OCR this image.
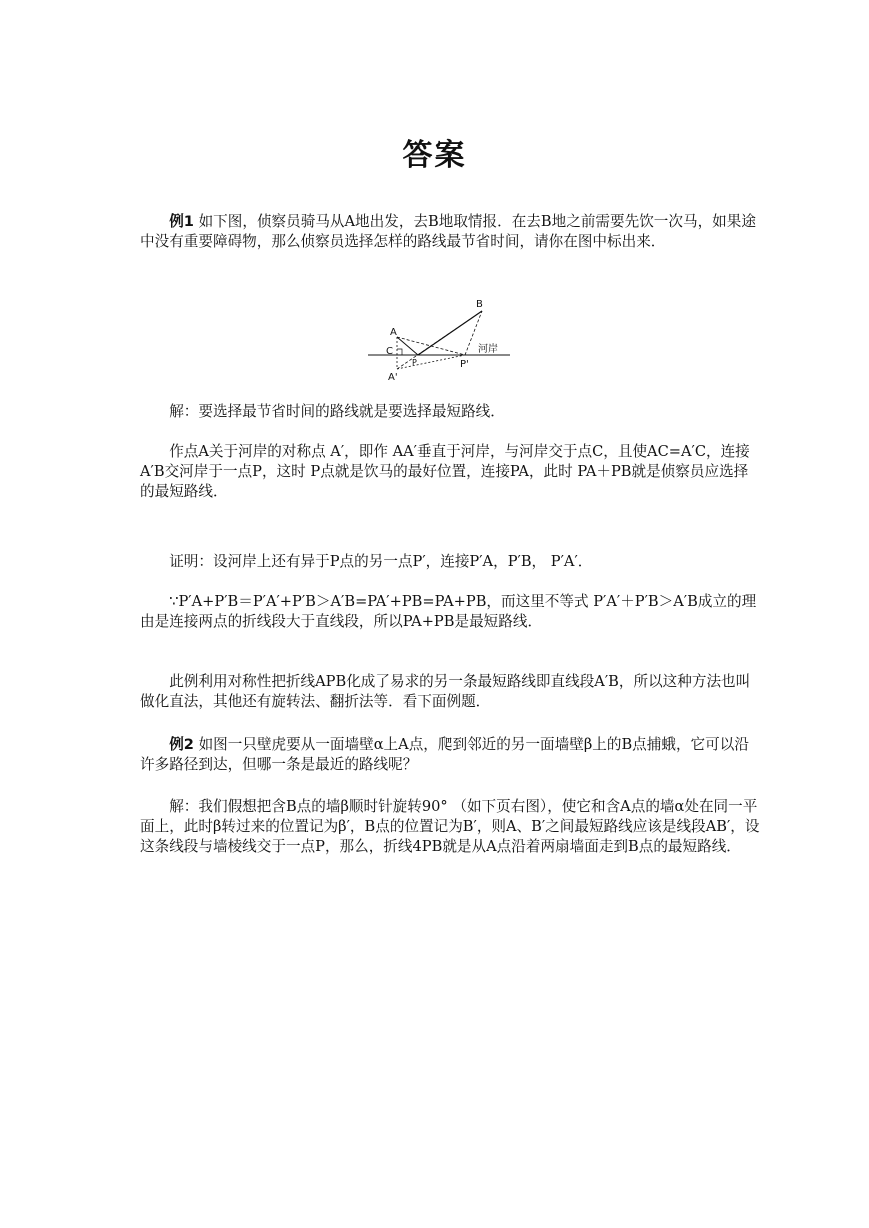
答案
例1 如下图，侦察员骑马从A地出发，去B地取情报．在去B地之前需要先饮一次马，如果途中没有重要障碍物，那么侦察员选择怎样的路线最节省时间，请你在图中标出来．
A
B
C
P	P'
A'
河岸
解：要选择最节省时间的路线就是要选择最短路线．
作点A关于河岸的对称点 A′，即作 AA′垂直于河岸，与河岸交于点C，且使AC=A′C，连接A′B交河岸于一点P，这时 P点就是饮马的最好位置，连接PA，此时 PA＋PB就是侦察员应选择的最短路线．
证明：设河岸上还有异于P点的另一点P′，连接P′A，P′B， P′A′．
∵P′A+P′B＝P′A′+P′B＞A′B=PA′+PB=PA+PB，而这里不等式 P′A′＋P′B＞A′B成立的理由是连接两点的折线段大于直线段，所以PA+PB是最短路线．
此例利用对称性把折线APB化成了易求的另一条最短路线即直线段A′B，所以这种方法也叫做化直法，其他还有旋转法、翻折法等．看下面例题．
例2 如图一只壁虎要从一面墙壁α上A点，爬到邻近的另一面墙壁β上的B点捕蛾，它可以沿许多路径到达，但哪一条是最近的路线呢？
解：我们假想把含B点的墙β顺时针旋转90° （如下页右图），使它和含A点的墙α处在同一平面上，此时β转过来的位置记为β′，B点的位置记为B′，则A、B′之间最短路线应该是线段AB′，设这条线段与墙棱线交于一点P，那么，折线4PB就是从A点沿着两扇墙面走到B点的最短路线．
